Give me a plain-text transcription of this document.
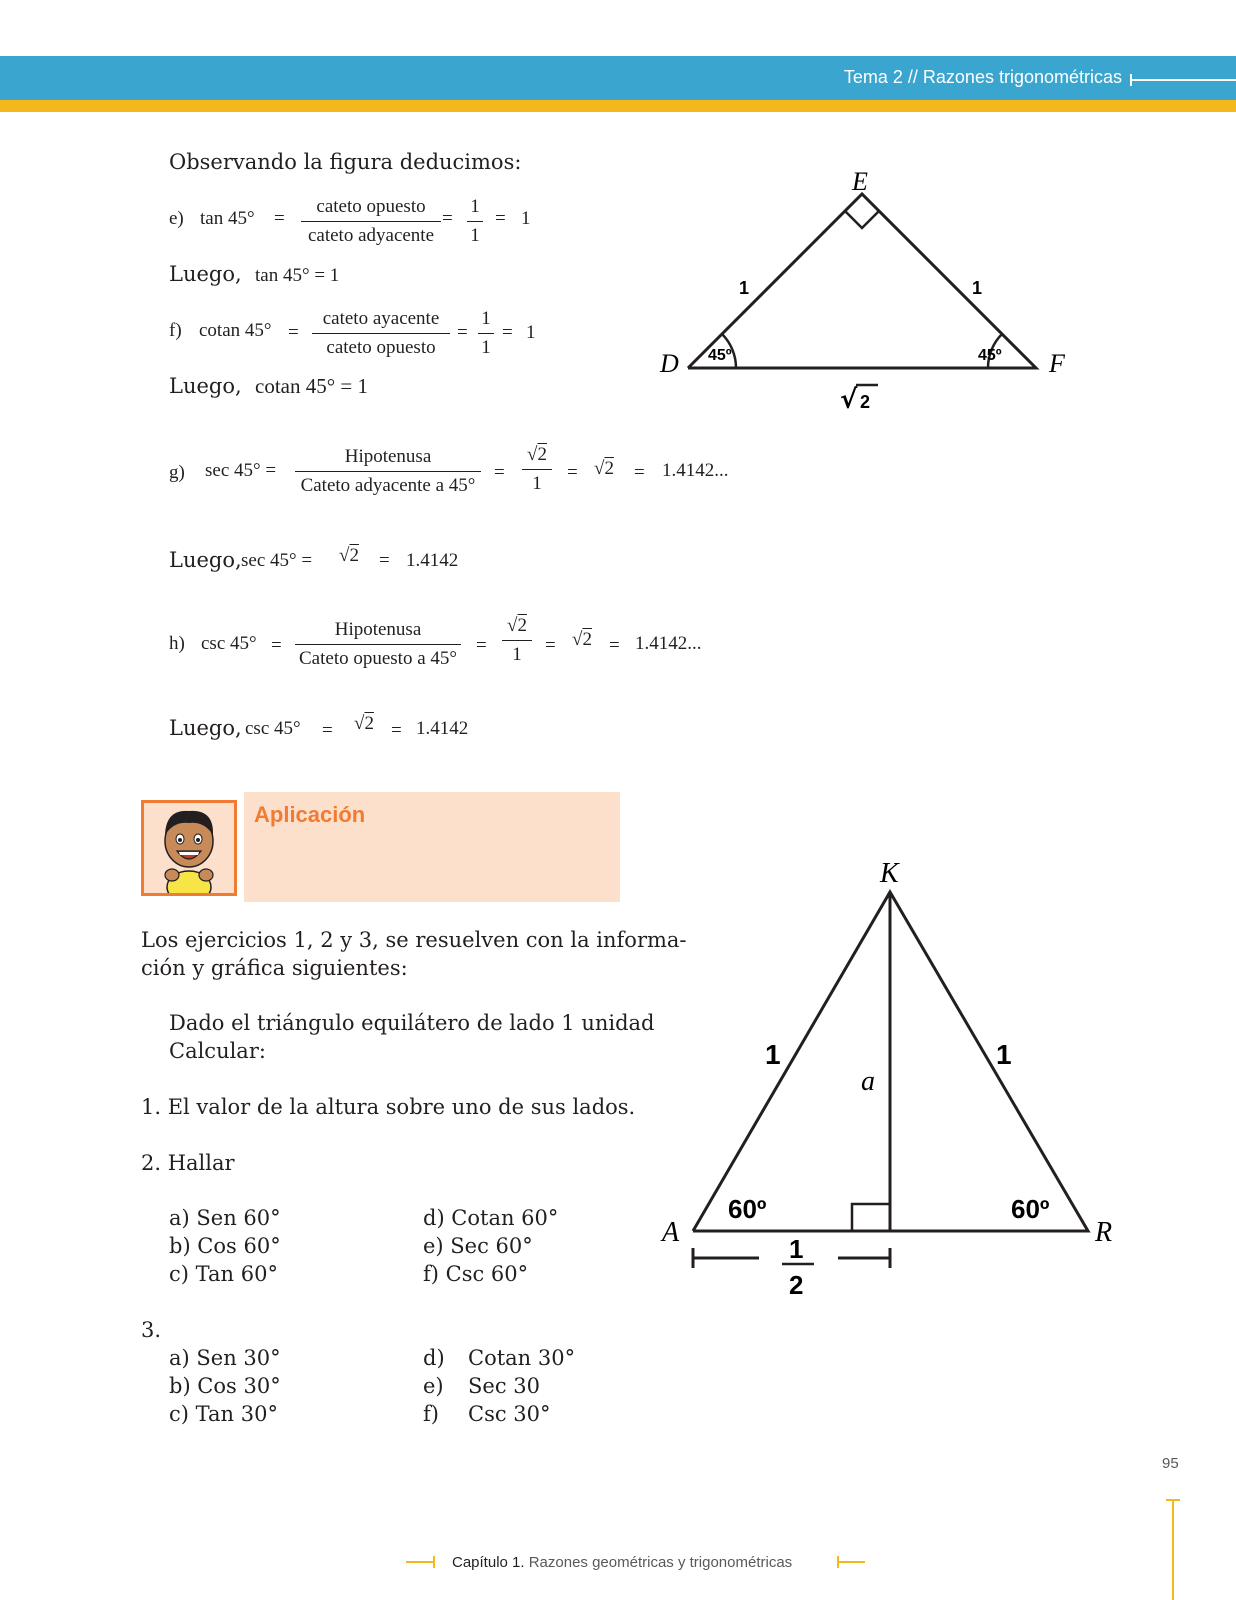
Tema 2 // Razones trigonométricas
Observando la figura deducimos:
e) tan 45° =
cateto opuesto
cateto adyacente
= $\frac{1}{1} = 1$
Luego, tan 45° = 1
f) cotan 45° =
cateto ayacente
cateto opuesto
= $\frac{1}{1} = 1$
Luego, cotan 45° = 1
g) sec 45° =
Hipotenusa
Cateto adyacente a 45°
= $\frac{√2}{1} = √2 = 1.4142$...
Luego, sec 45° = √2 = 1.4142
h) csc 45° =
Hipotenusa
Cateto opuesto a 45°
= $\frac{√2}{1} = √2 = 1.4142$...
Luego, csc 45° = √2 = 1.4142
E
D	F
1	1
45º	45º
√ 2
Aplicación
Los ejercicios 1, 2 y 3, se resuelven con la informa-
ción y gráfica siguientes:
Dado el triángulo equilátero de lado 1 unidad
Calcular:
1. El valor de la altura sobre uno de sus lados.
2. Hallar
a) Sen 60°
b) Cos 60°
c) Tan 60°
d) Cotan 60°
e) Sec 60°
f) Csc 60°
3.
a) Sen 30°
b) Cos 30°
c) Tan 30°
d)
e)
f)
Cotan 30°
Sec 30
Csc 30°
K
A	R
1	1
a
60º	60º
1
2
95
Capítulo 1. Razones geométricas y trigonométricas
